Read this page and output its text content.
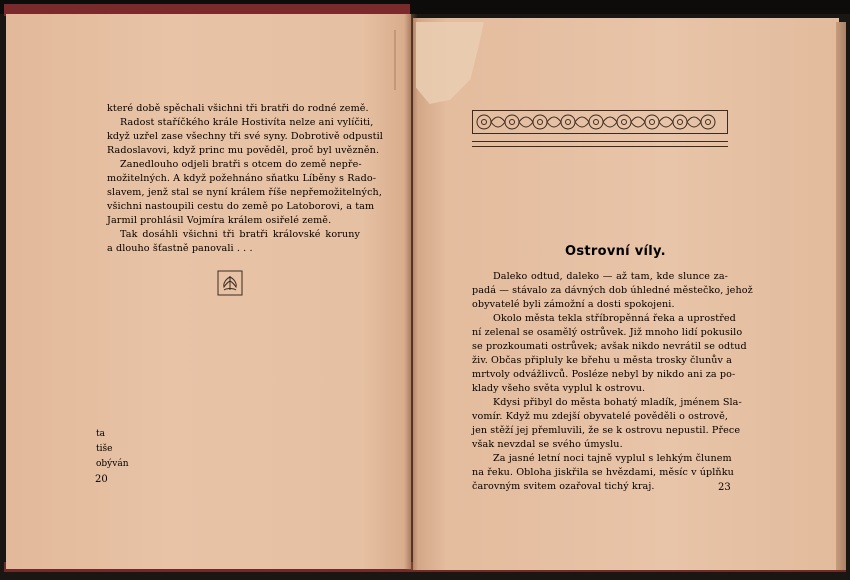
které době spěchali všichni tři bratři do rodné země.
Radost staříčkého krále Hostivíta nelze ani vylíčiti,
když uzřel zase všechny tři své syny. Dobrotivě odpustil
Radoslavovi, když princ mu pověděl, proč byl uvězněn.
Zanedlouho odjeli bratři s otcem do země nepře-
možitelných. A když požehnáno sňatku Líběny s Rado-
slavem, jenž stal se nyní králem říše nepřemožitelných,
všichni nastoupili cestu do země po Latoborovi, a tam
Jarmil prohlásil Vojmíra králem osiřelé země.
Tak dosáhli všichni tři bratři královské koruny
a dlouho šťastně panovali . . .
ta
tiše
obýván
20
Ostrovní víly.
Daleko odtud, daleko — až tam, kde slunce za-
padá — stávalo za dávných dob úhledné městečko, jehož
obyvatelé byli zámožní a dosti spokojeni.
Okolo města tekla stříbropěnná řeka a uprostřed
ní zelenal se osamělý ostrůvek. Již mnoho lidí pokusilo
se prozkoumati ostrůvek; avšak nikdo nevrátil se odtud
živ. Občas připluly ke břehu u města trosky člunův a
mrtvoly odvážlivců. Posléze nebyl by nikdo ani za po-
klady všeho světa vyplul k ostrovu.
Kdysi přibyl do města bohatý mladík, jménem Sla-
vomír. Když mu zdejší obyvatelé pověděli o ostrově,
jen stěží jej přemluvili, že se k ostrovu nepustil. Přece
však nevzdal se svého úmyslu.
Za jasné letní noci tajně vyplul s lehkým člunem
na řeku. Obloha jiskřila se hvězdami, měsíc v úplňku
čarovným svitem ozařoval tichý kraj.	23
